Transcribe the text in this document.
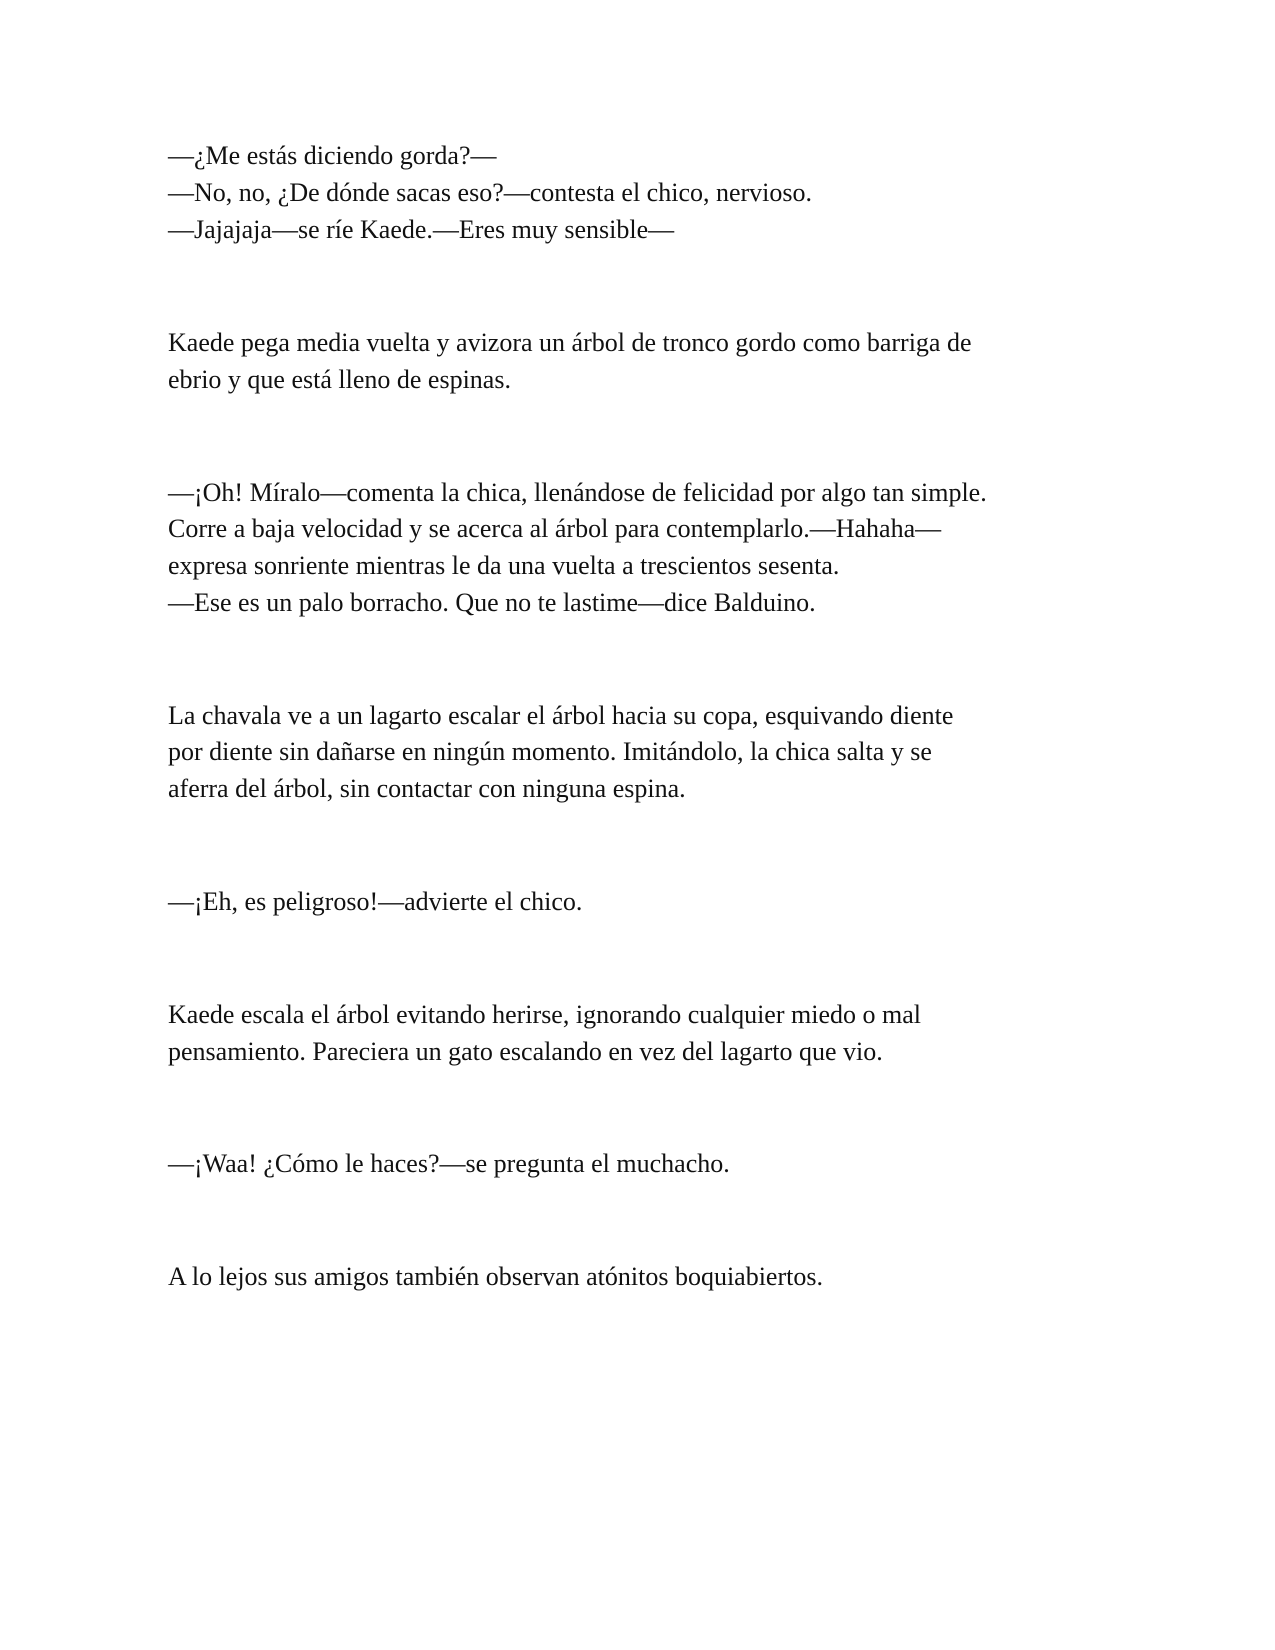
—¿Me estás diciendo gorda?—

—No, no, ¿De dónde sacas eso?—contesta el chico, nervioso.

—Jajajaja—se ríe Kaede.—Eres muy sensible—

Kaede pega media vuelta y avizora un árbol de tronco gordo como barriga de

ebrio y que está lleno de espinas.

—¡Oh! Míralo—comenta la chica, llenándose de felicidad por algo tan simple.

Corre a baja velocidad y se acerca al árbol para contemplarlo.—Hahaha—

expresa sonriente mientras le da una vuelta a trescientos sesenta.

—Ese es un palo borracho. Que no te lastime—dice Balduino.

La chavala ve a un lagarto escalar el árbol hacia su copa, esquivando diente

por diente sin dañarse en ningún momento. Imitándolo, la chica salta y se

aferra del árbol, sin contactar con ninguna espina.

—¡Eh, es peligroso!—advierte el chico.

Kaede escala el árbol evitando herirse, ignorando cualquier miedo o mal

pensamiento. Pareciera un gato escalando en vez del lagarto que vio.

—¡Waa! ¿Cómo le haces?—se pregunta el muchacho.

A lo lejos sus amigos también observan atónitos boquiabiertos.
